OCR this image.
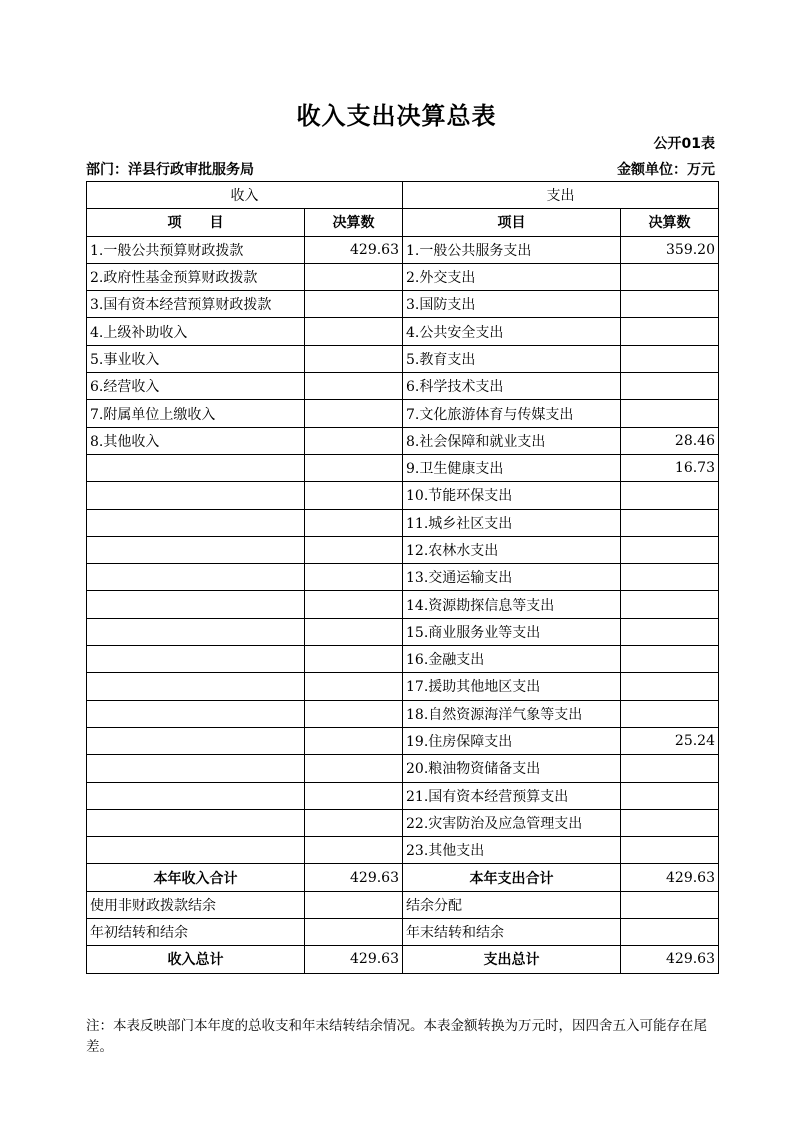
收入支出决算总表
公开01表
部门：洋县行政审批服务局	金额单位：万元
收入		支出	
项　　目	决算数	项目	决算数
1.一般公共预算财政拨款	429.63	1.一般公共服务支出	359.20
2.政府性基金预算财政拨款		2.外交支出	
3.国有资本经营预算财政拨款		3.国防支出	
4.上级补助收入		4.公共安全支出	
5.事业收入		5.教育支出	
6.经营收入		6.科学技术支出	
7.附属单位上缴收入		7.文化旅游体育与传媒支出	
8.其他收入		8.社会保障和就业支出	28.46
		9.卫生健康支出	16.73
		10.节能环保支出	
		11.城乡社区支出	
		12.农林水支出	
		13.交通运输支出	
		14.资源勘探信息等支出	
		15.商业服务业等支出	
		16.金融支出	
		17.援助其他地区支出	
		18.自然资源海洋气象等支出	
		19.住房保障支出	25.24
		20.粮油物资储备支出	
		21.国有资本经营预算支出	
		22.灾害防治及应急管理支出	
		23.其他支出	
本年收入合计	429.63	本年支出合计	429.63
使用非财政拨款结余		结余分配	
年初结转和结余		年末结转和结余	
收入总计	429.63	支出总计	429.63
注：本表反映部门本年度的总收支和年末结转结余情况。本表金额转换为万元时，因四舍五入可能存在尾差。
